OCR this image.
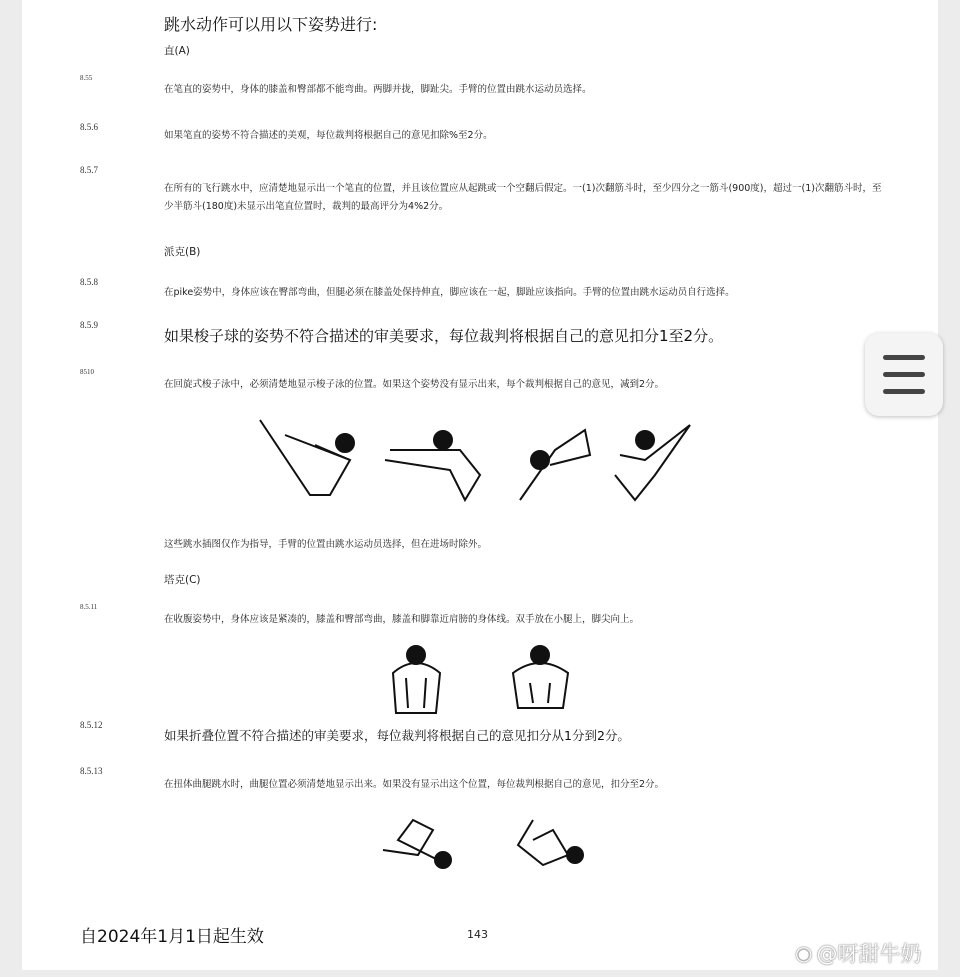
跳水动作可以用以下姿势进行:
直(A)
8.55
在笔直的姿势中，身体的膝盖和臀部都不能弯曲。两脚并拢，脚趾尖。手臂的位置由跳水运动员选择。
8.5.6
如果笔直的姿势不符合描述的美观，每位裁判将根据自己的意见扣除%至2分。
8.5.7
在所有的飞行跳水中，应清楚地显示出一个笔直的位置，并且该位置应从起跳或一个空翻后假定。一(1)次翻筋斗时，至少四分之一筋斗(900度)，超过一(1)次翻筋斗时，至少半筋斗(180度)未显示出笔直位置时，裁判的最高评分为4%2分。
派克(B)
8.5.8
在pike姿势中，身体应该在臀部弯曲，但腿必须在膝盖处保持伸直，脚应该在一起，脚趾应该指向。手臂的位置由跳水运动员自行选择。
8.5.9
如果梭子球的姿势不符合描述的审美要求，每位裁判将根据自己的意见扣分1至2分。
8510
在回旋式梭子泳中，必须清楚地显示梭子泳的位置。如果这个姿势没有显示出来，每个裁判根据自己的意见，减到2分。
这些跳水插图仅作为指导，手臂的位置由跳水运动员选择，但在进场时除外。
塔克(C)
8.5.11
在收腹姿势中，身体应该是紧凑的，膝盖和臀部弯曲，膝盖和脚靠近肩膀的身体线。双手放在小腿上，脚尖向上。
8.5.12
如果折叠位置不符合描述的审美要求，每位裁判将根据自己的意见扣分从1分到2分。
8.5.13
在扭体曲腿跳水时，曲腿位置必须清楚地显示出来。如果没有显示出这个位置，每位裁判根据自己的意见，扣分至2分。
自2024年1月1日起生效	143
◉ @呀甜牛奶
